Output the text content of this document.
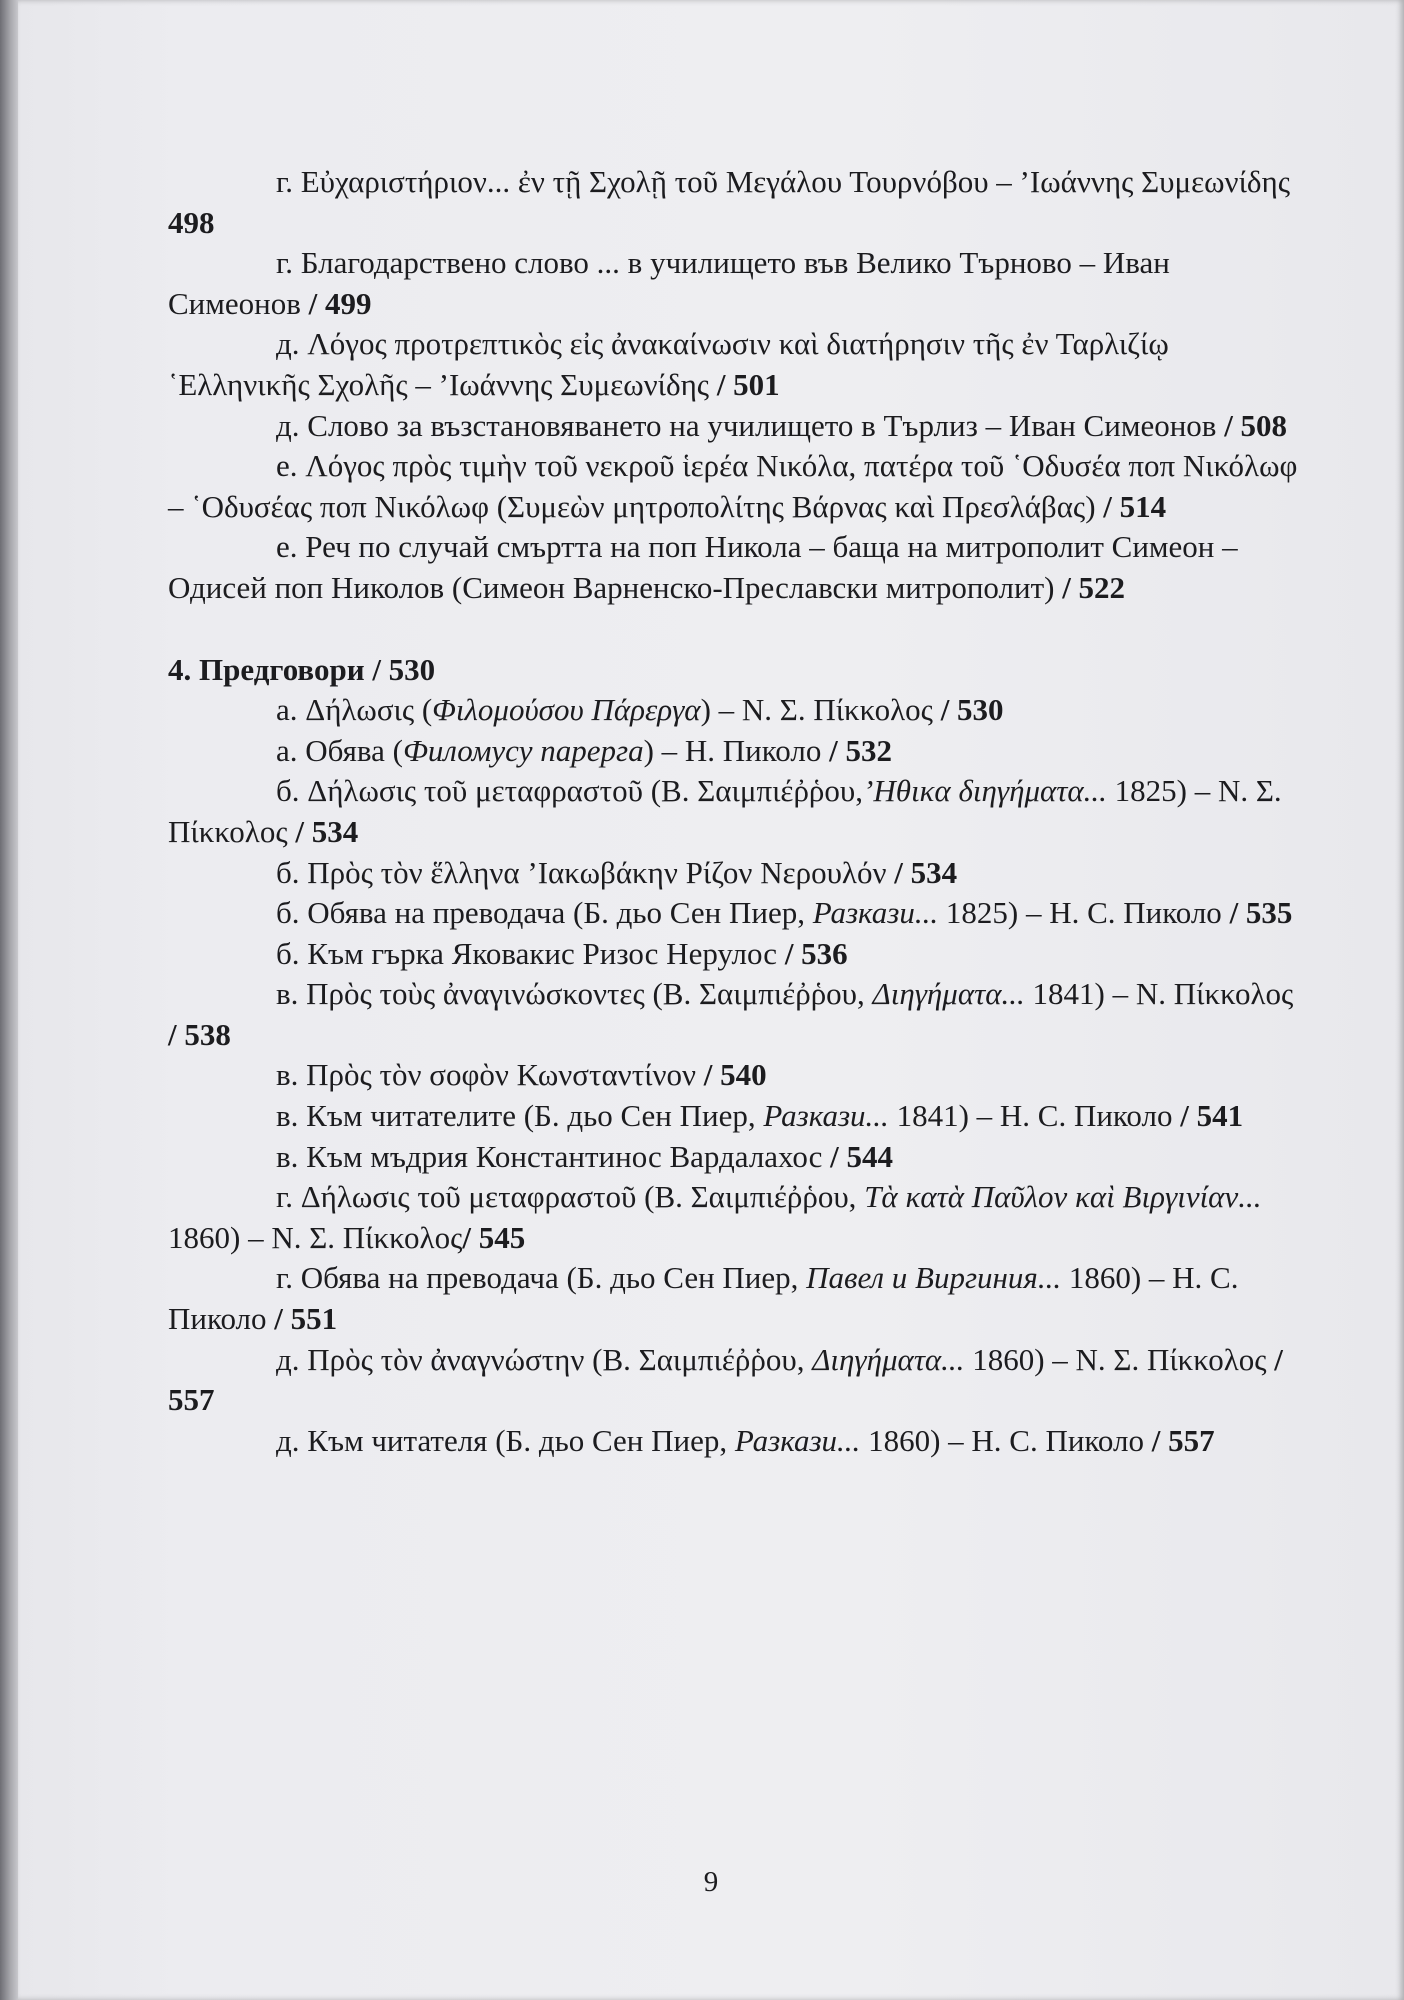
г. Εὐχαριστήριον... ἐν τῇ Σχολῇ τοῦ Μεγάλου Τουρνόβου – ’Ιωάννης Συμεωνίδης 498

г. Благодарствено слово ... в училището във Велико Търново – Иван Симеонов / 499

д. Λόγος προτρεπτικὸς εἰς ἀνακαίνωσιν καὶ διατήρησιν τῆς ἐν Ταρλιζίῳ ῾Ελληνικῆς Σχολῆς – ’Ιωάννης Συμεωνίδης / 501

д. Слово за възстановяването на училището в Търлиз – Иван Симеонов / 508

е. Λόγος πρὸς τιμὴν τοῦ νεκροῦ ἱερέα Νικόλα, πατέρα τοῦ ῾Οδυσέα ποπ Νικόλωφ – ῾Οδυσέας ποπ Νικόλωφ (Συμεὼν μητροπολίτης Βάρνας καὶ Πρεσλάβας) / 514

е. Реч по случай смъртта на поп Никола – баща на митрополит Симеон – Одисей поп Николов (Симеон Варненско-Преславски митрополит) / 522

4. Предговори / 530

а. Δήλωσις (Φιλομούσου Πάρεργα) – Ν. Σ. Πίκκολος / 530

а. Обява (Филомусу парерга) – Н. Пиколо / 532

б. Δήλωσις τοῦ μεταφραστοῦ (Β. Σαιμπιέῤῥου,’Ηθικα διηγήματα... 1825) – Ν. Σ. Πίκκολος / 534

б. Πρὸς τὸν ἕλληνα ’Ιακωβάκην Ρίζον Νερουλόν / 534

б. Обява на преводача (Б. дьо Сен Пиер, Разкази... 1825) – Н. С. Пиколо / 535

б. Към гърка Яковакис Ризос Нерулос / 536

в. Πρὸς τοὺς ἀναγινώσκοντες (Β. Σαιμπιέῤῥου, Διηγήματα... 1841) – Ν. Πίκκολος / 538

в. Πρὸς τὸν σοφὸν Κωνσταντίνον / 540

в. Към читателите (Б. дьо Сен Пиер, Разкази... 1841) – Н. С. Пиколо / 541

в. Към мъдрия Константинос Вардалахос / 544

г. Δήλωσις τοῦ μεταφραστοῦ (Β. Σαιμπιέῤῥου, Τὰ κατὰ Παῦλον καὶ Βιργινίαν... 1860) – Ν. Σ. Πίκκολος/ 545

г. Обява на преводача (Б. дьо Сен Пиер, Павел и Виргиния... 1860) – Н. С. Пиколо / 551

д. Πρὸς τὸν ἀναγνώστην (Β. Σαιμπιέῤῥου, Διηγήματα... 1860) – Ν. Σ. Πίκκολος / 557

д. Към читателя (Б. дьо Сен Пиер, Разкази... 1860) – Н. С. Пиколо / 557

9
